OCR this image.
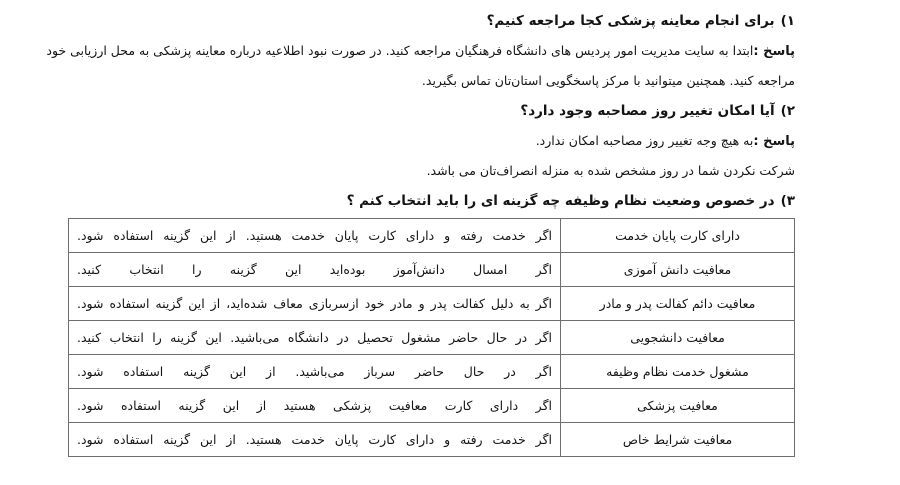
۱)برای انجام معاینه پزشکی کجا مراجعه کنیم؟
پاسخ :ابتدا به سایت مدیریت امور پردیس های دانشگاه فرهنگیان مراجعه کنید. در صورت نبود اطلاعیه درباره معاینه پزشکی به محل ارزیابی خود
مراجعه کنید. همچنین میتوانید با مرکز پاسخگویی استان‌تان تماس بگیرید.
۲)آیا امکان تغییر روز مصاحبه وجود دارد؟
پاسخ :به هیچ وجه تغییر روز مصاحبه امکان ندارد.
شرکت نکردن شما در روز مشخص شده به منزله انصراف‌تان می باشد.
۳)در خصوص وضعیت نظام وظیفه چه گزینه ای را باید انتخاب کنم ؟
دارای کارت پایان خدمت	اگر خدمت رفته و دارای کارت پایان خدمت هستید. از این گزینه استفاده شود.
معافیت دانش آموزی	اگر امسال دانش‌آموز بوده‌اید این گزینه را انتخاب کنید.
معافیت دائم کفالت پدر و مادر	اگر به دلیل کفالت پدر و مادر خود ازسربازی معاف شده‌اید، از این گزینه استفاده شود.
معافیت دانشجویی	اگر در حال حاضر مشغول تحصیل در دانشگاه می‌باشید. این گزینه را انتخاب کنید.
مشغول خدمت نظام وظیفه	اگر در حال حاضر سرباز می‌باشید. از این گزینه استفاده شود.
معافیت پزشکی	اگر دارای کارت معافیت پزشکی هستید از این گزینه استفاده شود.
معافیت شرایط خاص	اگر خدمت رفته و دارای کارت پایان خدمت هستید. از این گزینه استفاده شود.
